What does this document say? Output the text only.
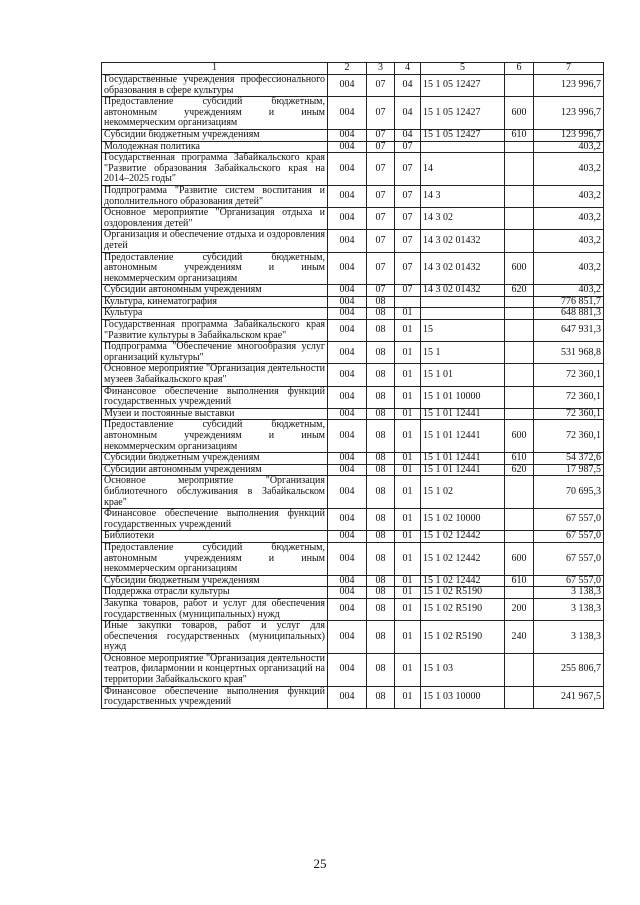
1	2	3	4	5	6	7
Государственные учреждения профессионального образования в сфере культуры	004	07	04	15 1 05 12427		123 996,7
Предоставление субсидий бюджетным, автономным учреждениям и иным некоммерческим организациям	004	07	04	15 1 05 12427	600	123 996,7
Субсидии бюджетным учреждениям	004	07	04	15 1 05 12427	610	123 996,7
Молодежная политика	004	07	07			403,2
Государственная программа Забайкальского края "Развитие образования Забайкальского края на 2014–2025 годы"	004	07	07	14		403,2
Подпрограмма "Развитие систем воспитания и дополнительного образования детей"	004	07	07	14 3		403,2
Основное мероприятие "Организация отдыха и оздоровления детей"	004	07	07	14 3 02		403,2
Организация и обеспечение отдыха и оздоровления детей	004	07	07	14 3 02 01432		403,2
Предоставление субсидий бюджетным, автономным учреждениям и иным некоммерческим организациям	004	07	07	14 3 02 01432	600	403,2
Субсидии автономным учреждениям	004	07	07	14 3 02 01432	620	403,2
Культура, кинематография	004	08				776 851,7
Культура	004	08	01			648 881,3
Государственная программа Забайкальского края "Развитие культуры в Забайкальском крае"	004	08	01	15		647 931,3
Подпрограмма "Обеспечение многообразия услуг организаций культуры"	004	08	01	15 1		531 968,8
Основное мероприятие "Организация деятельности музеев Забайкальского края"	004	08	01	15 1 01		72 360,1
Финансовое обеспечение выполнения функций государственных учреждений	004	08	01	15 1 01 10000		72 360,1
Музеи и постоянные выставки	004	08	01	15 1 01 12441		72 360,1
Предоставление субсидий бюджетным, автономным учреждениям и иным некоммерческим организациям	004	08	01	15 1 01 12441	600	72 360,1
Субсидии бюджетным учреждениям	004	08	01	15 1 01 12441	610	54 372,6
Субсидии автономным учреждениям	004	08	01	15 1 01 12441	620	17 987,5
Основное мероприятие "Организация библиотечного обслуживания в Забайкальском крае"	004	08	01	15 1 02		70 695,3
Финансовое обеспечение выполнения функций государственных учреждений	004	08	01	15 1 02 10000		67 557,0
Библиотеки	004	08	01	15 1 02 12442		67 557,0
Предоставление субсидий бюджетным, автономным учреждениям и иным некоммерческим организациям	004	08	01	15 1 02 12442	600	67 557,0
Субсидии бюджетным учреждениям	004	08	01	15 1 02 12442	610	67 557,0
Поддержка отрасли культуры	004	08	01	15 1 02 R5190		3 138,3
Закупка товаров, работ и услуг для обеспечения государственных (муниципальных) нужд	004	08	01	15 1 02 R5190	200	3 138,3
Иные закупки товаров, работ и услуг для обеспечения государственных (муниципальных) нужд	004	08	01	15 1 02 R5190	240	3 138,3
Основное мероприятие "Организация деятельности театров, филармонии и концертных организаций на территории Забайкальского края"	004	08	01	15 1 03		255 806,7
Финансовое обеспечение выполнения функций государственных учреждений	004	08	01	15 1 03 10000		241 967,5
25
